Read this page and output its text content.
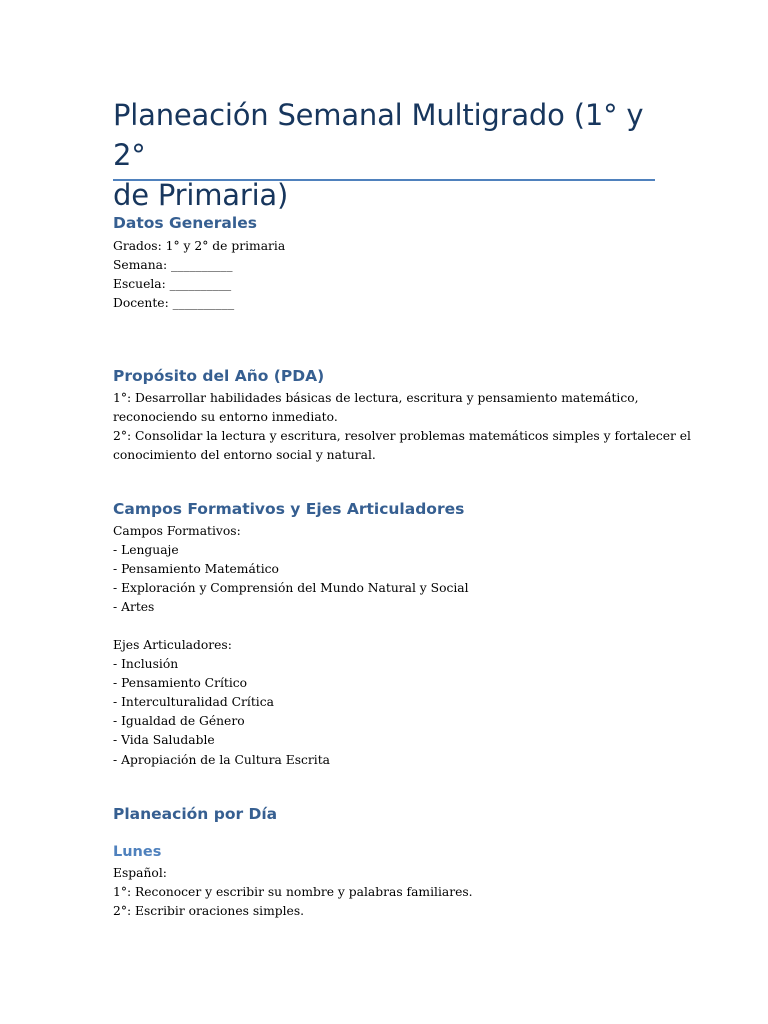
Planeación Semanal Multigrado (1° y 2°
de Primaria)
Datos Generales
Grados: 1° y 2° de primaria
Semana: __________
Escuela: __________
Docente: __________
Propósito del Año (PDA)
1°: Desarrollar habilidades básicas de lectura, escritura y pensamiento matemático,
reconociendo su entorno inmediato.
2°: Consolidar la lectura y escritura, resolver problemas matemáticos simples y fortalecer el
conocimiento del entorno social y natural.
Campos Formativos y Ejes Articuladores
Campos Formativos:
- Lenguaje
- Pensamiento Matemático
- Exploración y Comprensión del Mundo Natural y Social
- Artes
Ejes Articuladores:
- Inclusión
- Pensamiento Crítico
- Interculturalidad Crítica
- Igualdad de Género
- Vida Saludable
- Apropiación de la Cultura Escrita
Planeación por Día
Lunes
Español:
1°: Reconocer y escribir su nombre y palabras familiares.
2°: Escribir oraciones simples.
